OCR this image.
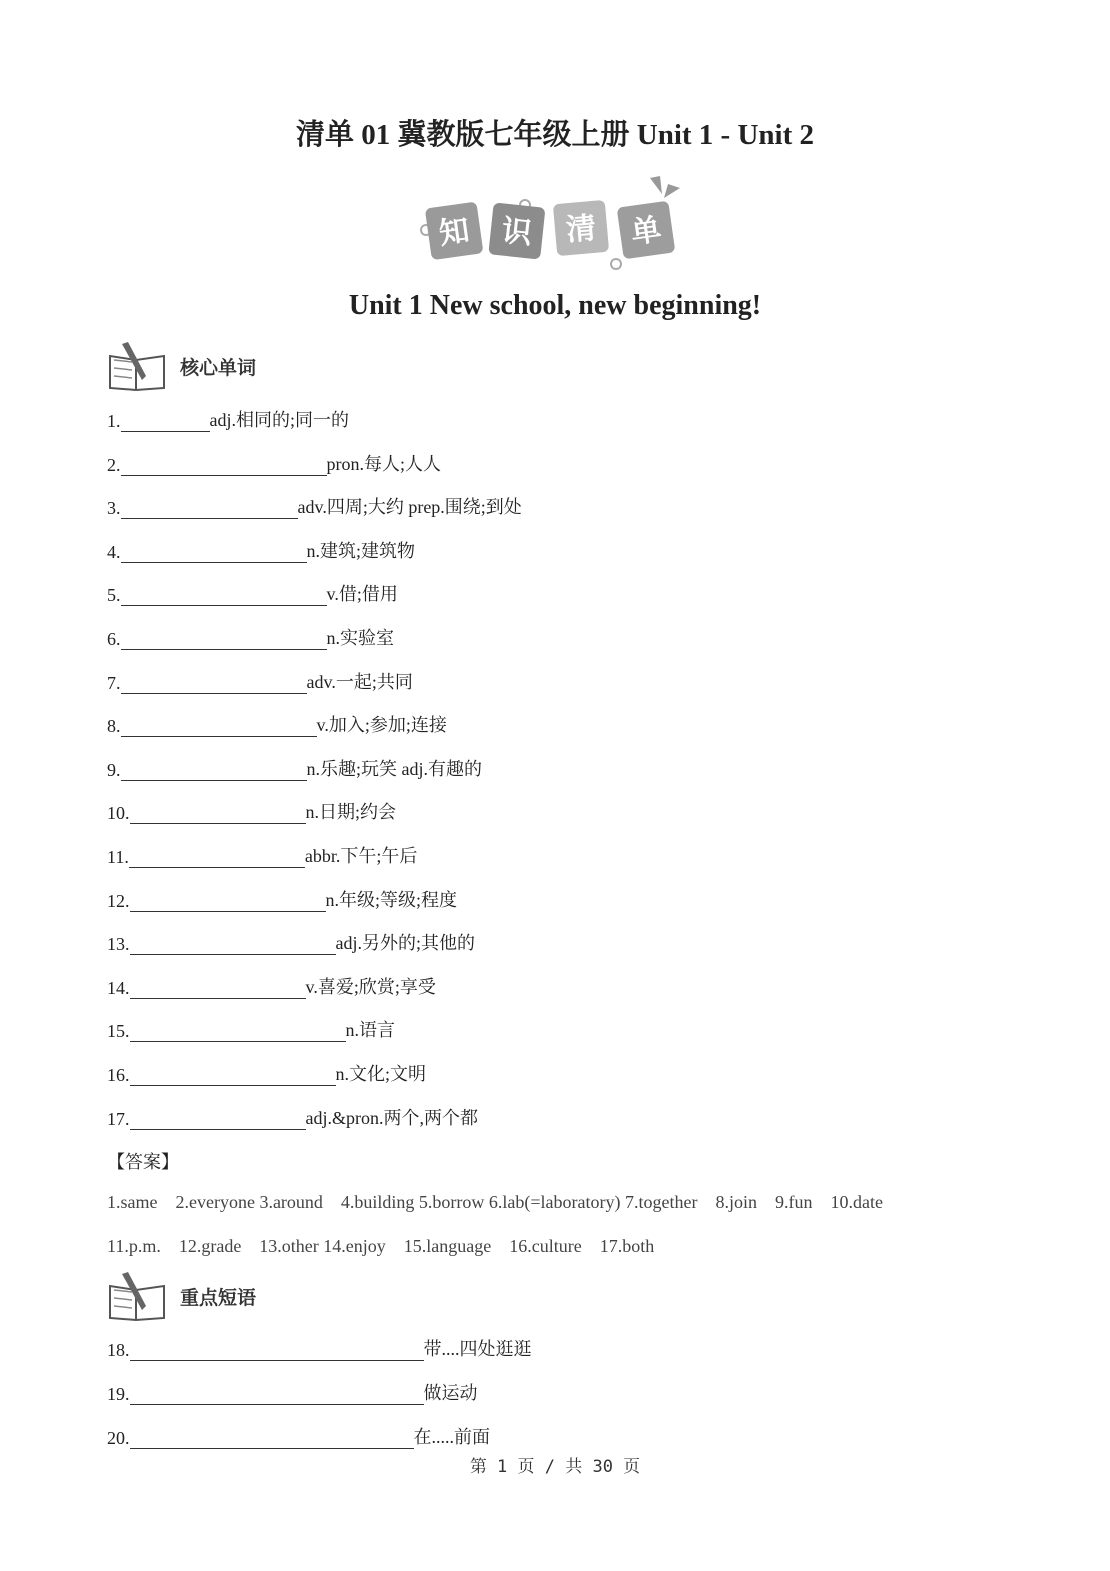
清单 01 冀教版七年级上册 Unit 1 - Unit 2
知 识 清 单
Unit 1 New school, new beginning!
核心单词
1.	adj.相同的;同一的
2.	pron.每人;人人
3.	adv.四周;大约 prep.围绕;到处
4.	n.建筑;建筑物
5.	v.借;借用
6.	n.实验室
7.	adv.一起;共同
8.	v.加入;参加;连接
9.	n.乐趣;玩笑 adj.有趣的
10.	n.日期;约会
11.	abbr.下午;午后
12.	n.年级;等级;程度
13.	adj.另外的;其他的
14.	v.喜爱;欣赏;享受
15.	n.语言
16.	n.文化;文明
17.	adj.&pron.两个,两个都
【答案】
1.same    2.everyone 3.around    4.building 5.borrow 6.lab(=laboratory) 7.together    8.join    9.fun    10.date
11.p.m.    12.grade    13.other 14.enjoy    15.language    16.culture    17.both
重点短语
18.	带....四处逛逛
19.	做运动
20.	在.....前面
第 1 页 / 共 30 页
